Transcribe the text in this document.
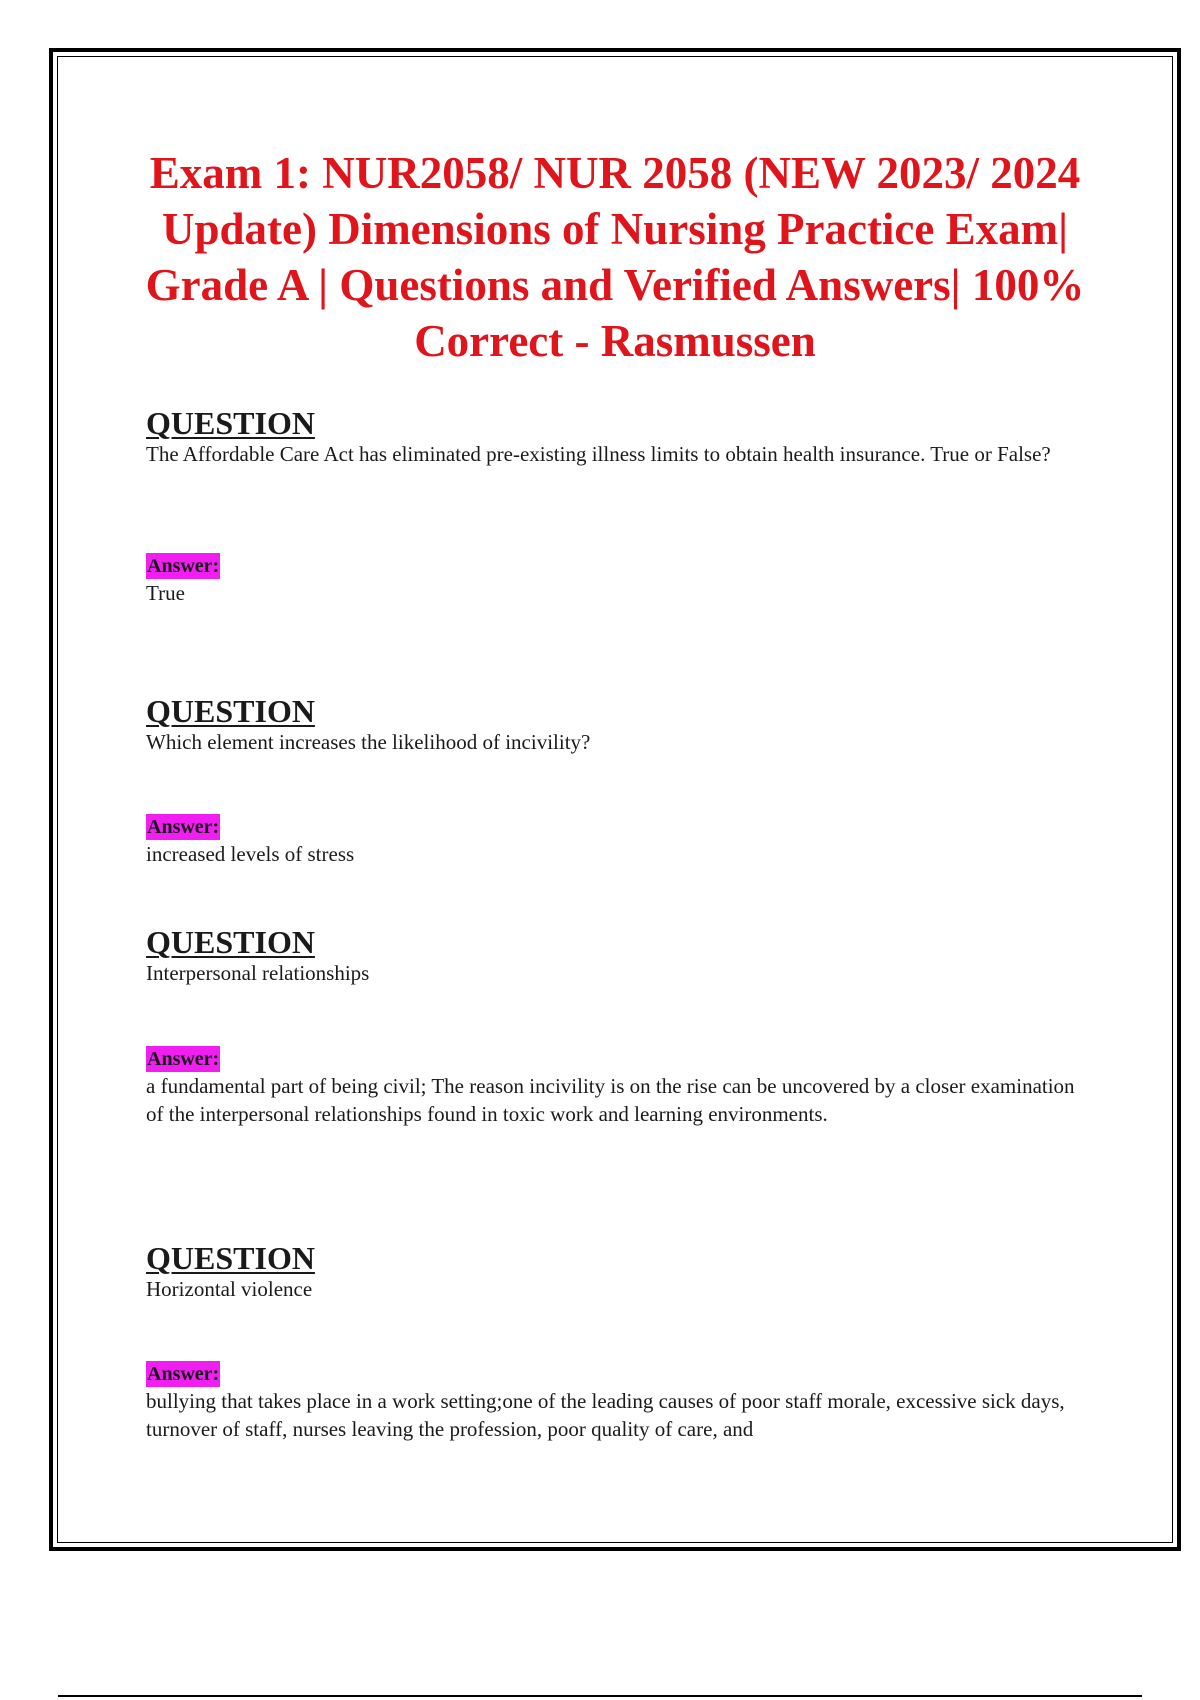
Exam 1: NUR2058/ NUR 2058 (NEW 2023/ 2024 Update) Dimensions of Nursing Practice Exam| Grade A | Questions and Verified Answers| 100% Correct - Rasmussen
QUESTION
The Affordable Care Act has eliminated pre-existing illness limits to obtain health insurance. True or False?
Answer:
True
QUESTION
Which element increases the likelihood of incivility?
Answer:
increased levels of stress
QUESTION
Interpersonal relationships
Answer:
a fundamental part of being civil; The reason incivility is on the rise can be uncovered by a closer examination of the interpersonal relationships found in toxic work and learning environments.
QUESTION
Horizontal violence
Answer:
bullying that takes place in a work setting;one of the leading causes of poor staff morale, excessive sick days, turnover of staff, nurses leaving the profession, poor quality of care, and
